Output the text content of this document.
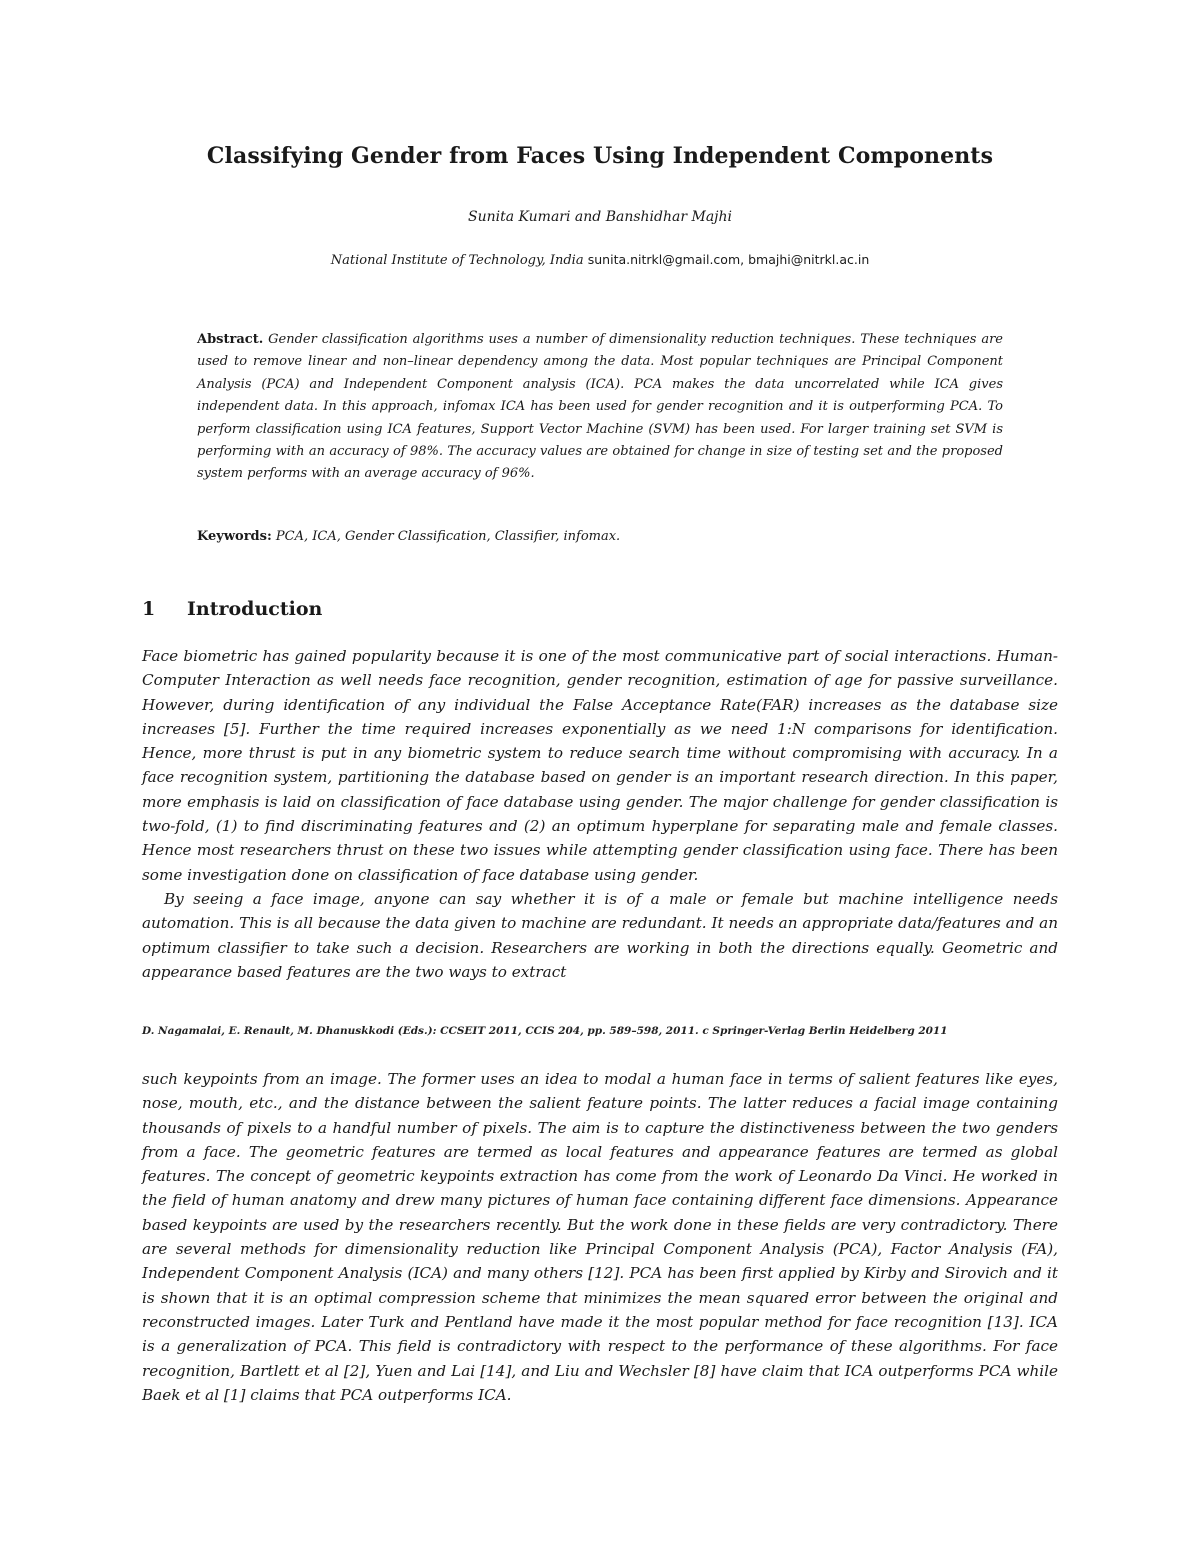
Classifying Gender from Faces Using Independent Components
Sunita Kumari and Banshidhar Majhi
National Institute of Technology, India sunita.nitrkl@gmail.com, bmajhi@nitrkl.ac.in
Abstract. Gender classification algorithms uses a number of dimensionality reduction techniques. These techniques are used to remove linear and non–linear dependency among the data. Most popular techniques are Principal Component Analysis (PCA) and Independent Component analysis (ICA). PCA makes the data uncorrelated while ICA gives independent data. In this approach, infomax ICA has been used for gender recognition and it is outperforming PCA. To perform classification using ICA features, Support Vector Machine (SVM) has been used. For larger training set SVM is performing with an accuracy of 98%. The accuracy values are obtained for change in size of testing set and the proposed system performs with an average accuracy of 96%.
Keywords: PCA, ICA, Gender Classification, Classifier, infomax.
1 Introduction

Face biometric has gained popularity because it is one of the most communicative part of social interactions. Human-Computer Interaction as well needs face recognition, gender recognition, estimation of age for passive surveillance. However, during identification of any individual the False Acceptance Rate(FAR) increases as the database size increases [5]. Further the time required increases exponentially as we need 1:N comparisons for identification. Hence, more thrust is put in any biometric system to reduce search time without compromising with accuracy. In a face recognition system, partitioning the database based on gender is an important research direction. In this paper, more emphasis is laid on classification of face database using gender. The major challenge for gender classification is two-fold, (1) to find discriminating features and (2) an optimum hyperplane for separating male and female classes. Hence most researchers thrust on these two issues while attempting gender classification using face. There has been some investigation done on classification of face database using gender.

By seeing a face image, anyone can say whether it is of a male or female but machine intelligence needs automation. This is all because the data given to machine are redundant. It needs an appropriate data/features and an optimum classifier to take such a decision. Researchers are working in both the directions equally. Geometric and appearance based features are the two ways to extract

D. Nagamalai, E. Renault, M. Dhanuskkodi (Eds.): CCSEIT 2011, CCIS 204, pp. 589–598, 2011. c Springer-Verlag Berlin Heidelberg 2011

such keypoints from an image. The former uses an idea to modal a human face in terms of salient features like eyes, nose, mouth, etc., and the distance between the salient feature points. The latter reduces a facial image containing thousands of pixels to a handful number of pixels. The aim is to capture the distinctiveness between the two genders from a face. The geometric features are termed as local features and appearance features are termed as global features. The concept of geometric keypoints extraction has come from the work of Leonardo Da Vinci. He worked in the field of human anatomy and drew many pictures of human face containing different face dimensions. Appearance based keypoints are used by the researchers recently. But the work done in these fields are very contradictory. There are several methods for dimensionality reduction like Principal Component Analysis (PCA), Factor Analysis (FA), Independent Component Analysis (ICA) and many others [12]. PCA has been first applied by Kirby and Sirovich and it is shown that it is an optimal compression scheme that minimizes the mean squared error between the original and reconstructed images. Later Turk and Pentland have made it the most popular method for face recognition [13]. ICA is a generalization of PCA. This field is contradictory with respect to the performance of these algorithms. For face recognition, Bartlett et al [2], Yuen and Lai [14], and Liu and Wechsler [8] have claim that ICA outperforms PCA while Baek et al [1] claims that PCA outperforms ICA.
